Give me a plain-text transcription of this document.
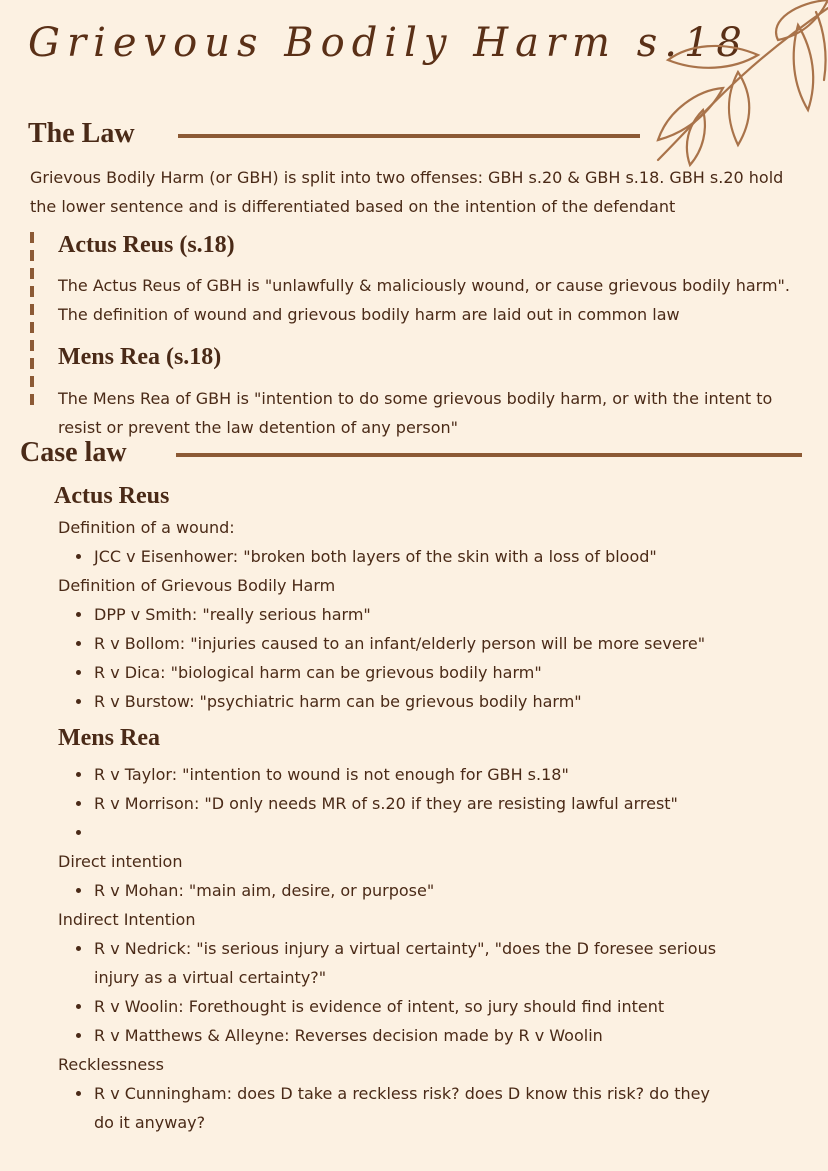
Grievous Bodily Harm s.18
The Law
Grievous Bodily Harm (or GBH) is split into two offenses: GBH s.20 & GBH s.18. GBH s.20 hold the lower sentence and is differentiated based on the intention of the defendant
Actus Reus (s.18)
The Actus Reus of GBH is "unlawfully & maliciously wound, or cause grievous bodily harm". The definition of wound and grievous bodily harm are laid out in common law
Mens Rea (s.18)
The Mens Rea of GBH is "intention to do some grievous bodily harm, or with the intent to resist or prevent the law detention of any person"
Case law
Actus Reus
Definition of a wound:
JCC v Eisenhower: "broken both layers of the skin with a loss of blood"
Definition of Grievous Bodily Harm
DPP v Smith: "really serious harm"
R v Bollom: "injuries caused to an infant/elderly person will be more severe"
R v Dica: "biological harm can be grievous bodily harm"
R v Burstow: "psychiatric harm can be grievous bodily harm"
Mens Rea
R v Taylor: "intention to wound is not enough for GBH s.18"
R v Morrison: "D only needs MR of s.20 if they are resisting lawful arrest"
Direct intention
R v Mohan: "main aim, desire, or purpose"
Indirect Intention
R v Nedrick: "is serious injury a virtual certainty", "does the D foresee serious injury as a virtual certainty?"
R v Woolin: Forethought is evidence of intent, so jury should find intent
R v Matthews & Alleyne: Reverses decision made by R v Woolin
Recklessness
R v Cunningham: does D take a reckless risk? does D know this risk? do they do it anyway?
